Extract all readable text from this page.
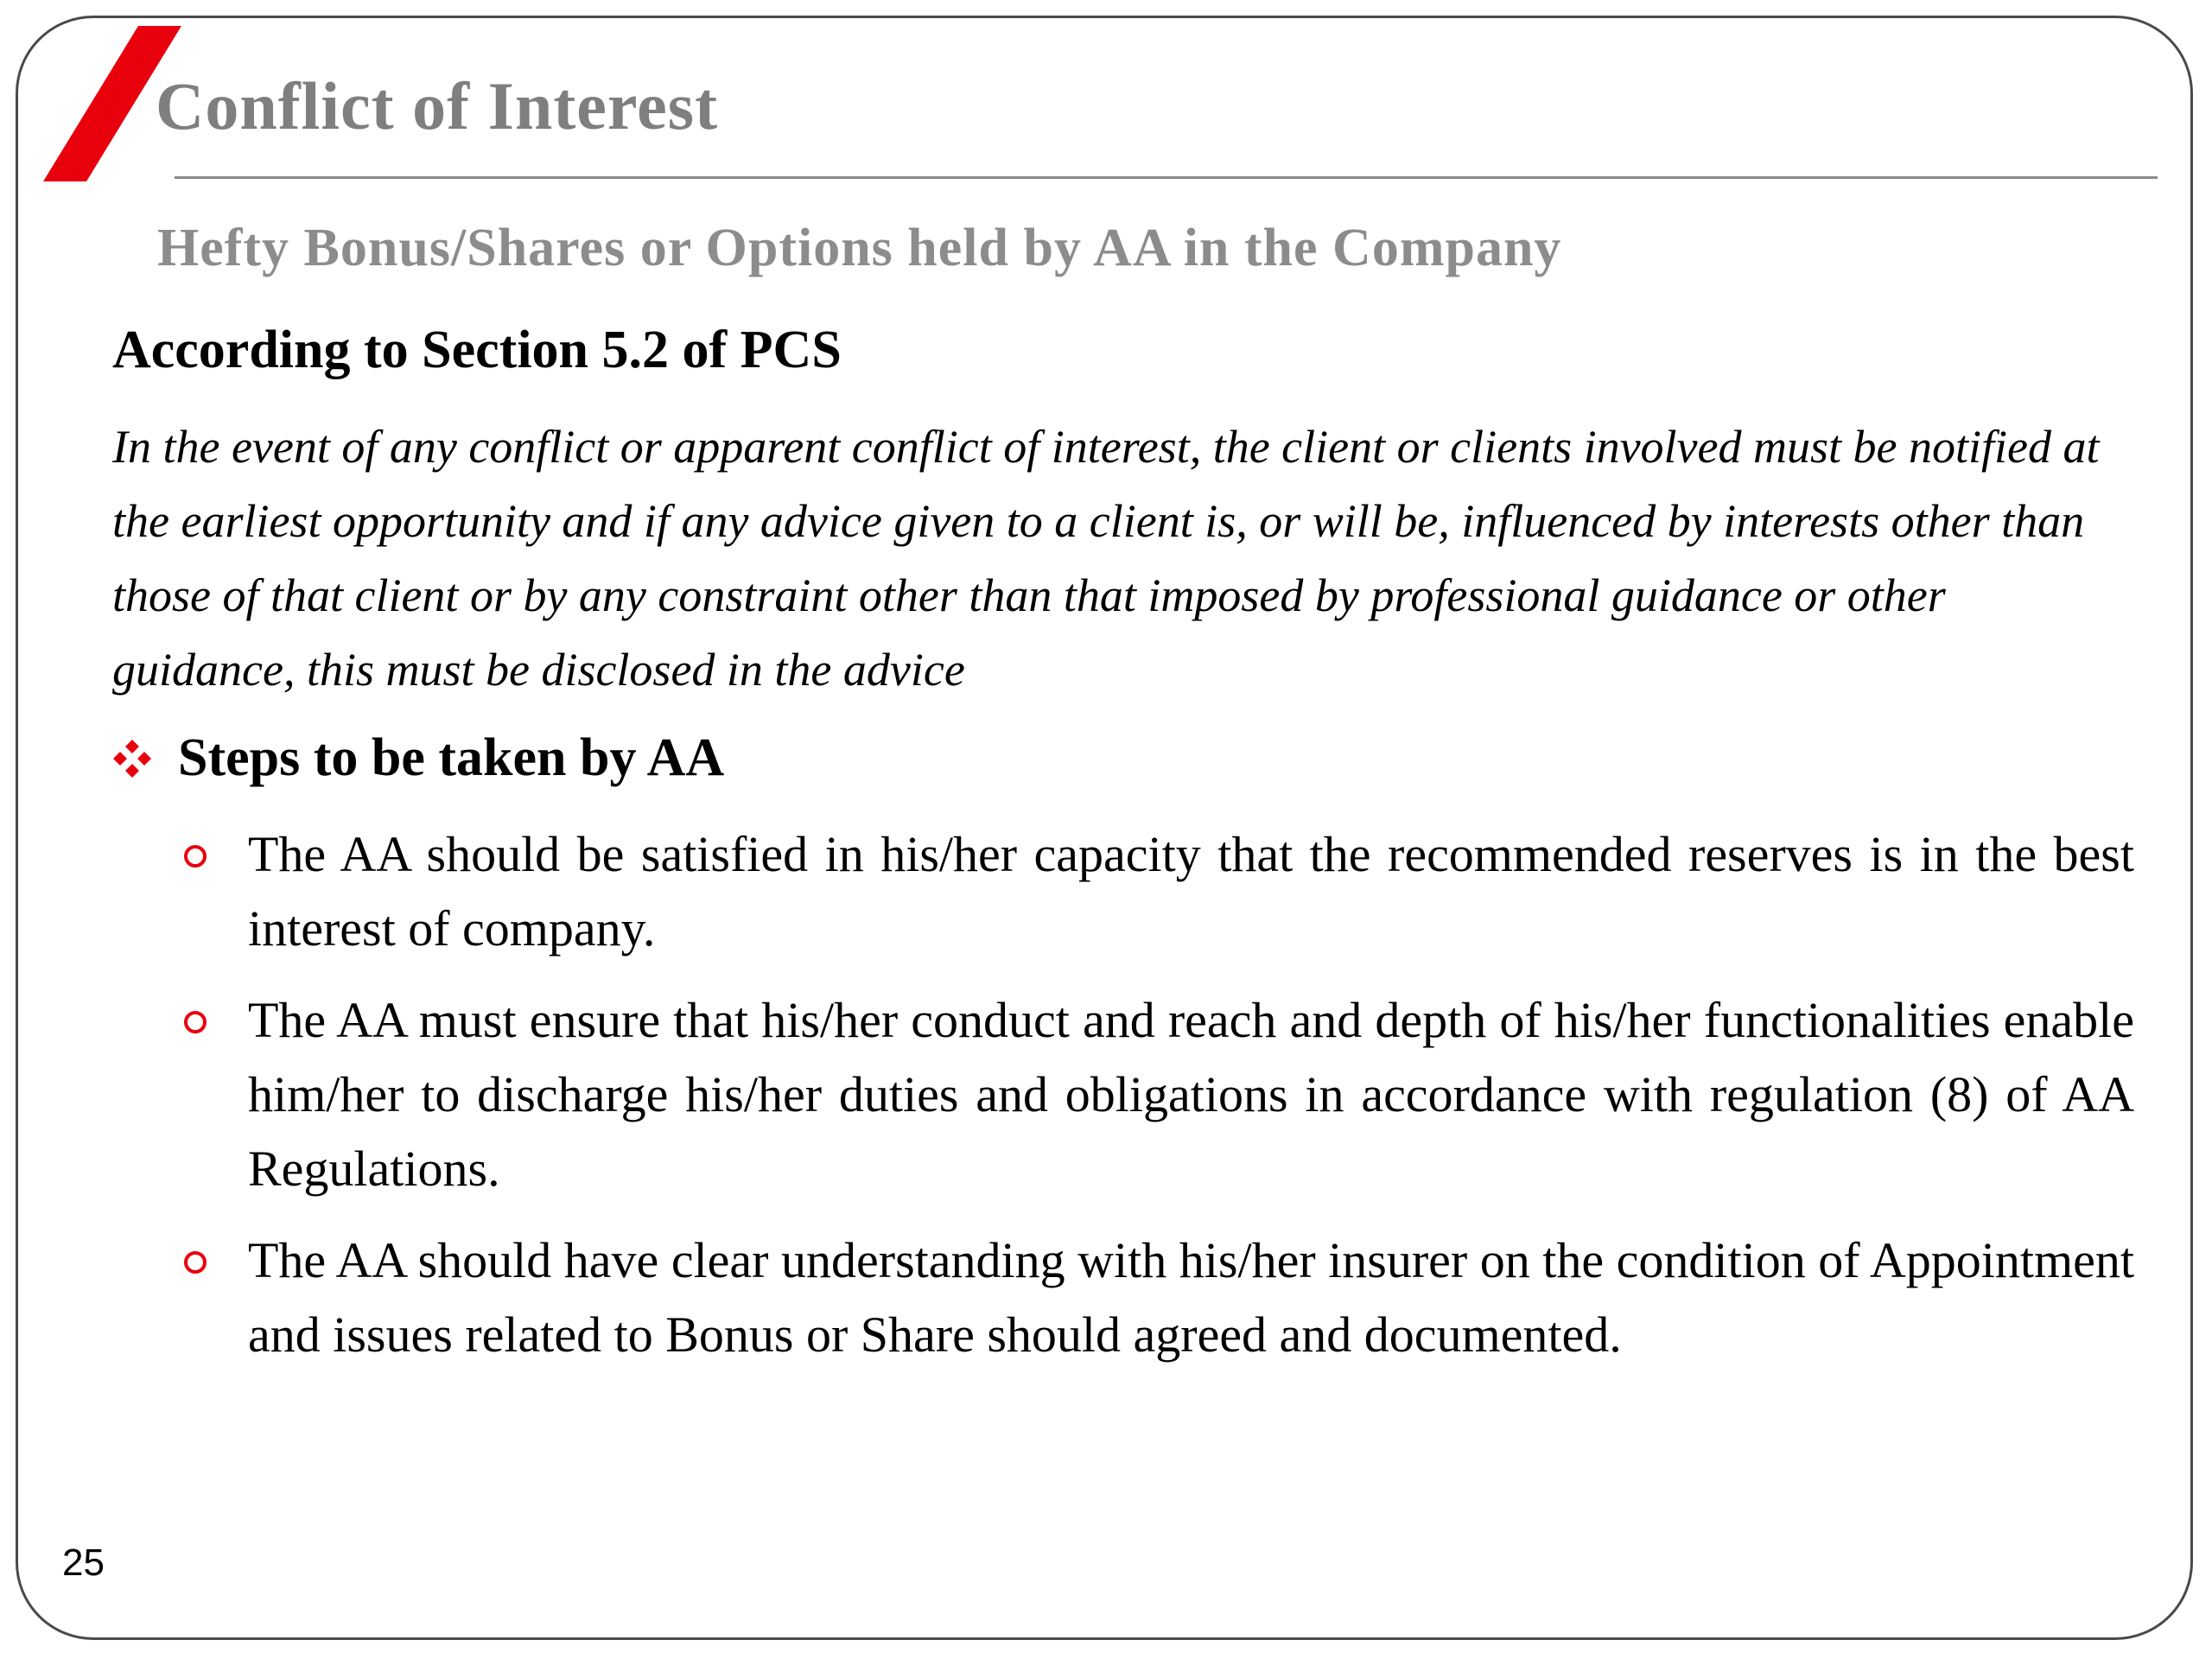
Conflict of Interest
Hefty Bonus/Shares or Options held by AA in the Company
According to Section 5.2 of PCS

In the event of any conflict or apparent conflict of interest, the client or clients involved must be notified at the earliest opportunity and if any advice given to a client is, or will be, influenced by interests other than those of that client or by any constraint other than that imposed by professional guidance or other guidance, this must be disclosed in the advice

Steps to be taken by AA
The AA should be satisfied in his/her capacity that the recommended reserves is in the best interest of company.
The AA must ensure that his/her conduct and reach and depth of his/her functionalities enable him/her to discharge his/her duties and obligations in accordance with regulation (8) of AA Regulations.
The AA should have clear understanding with his/her insurer on the condition of Appointment and issues related to Bonus or Share should agreed and documented.

25
